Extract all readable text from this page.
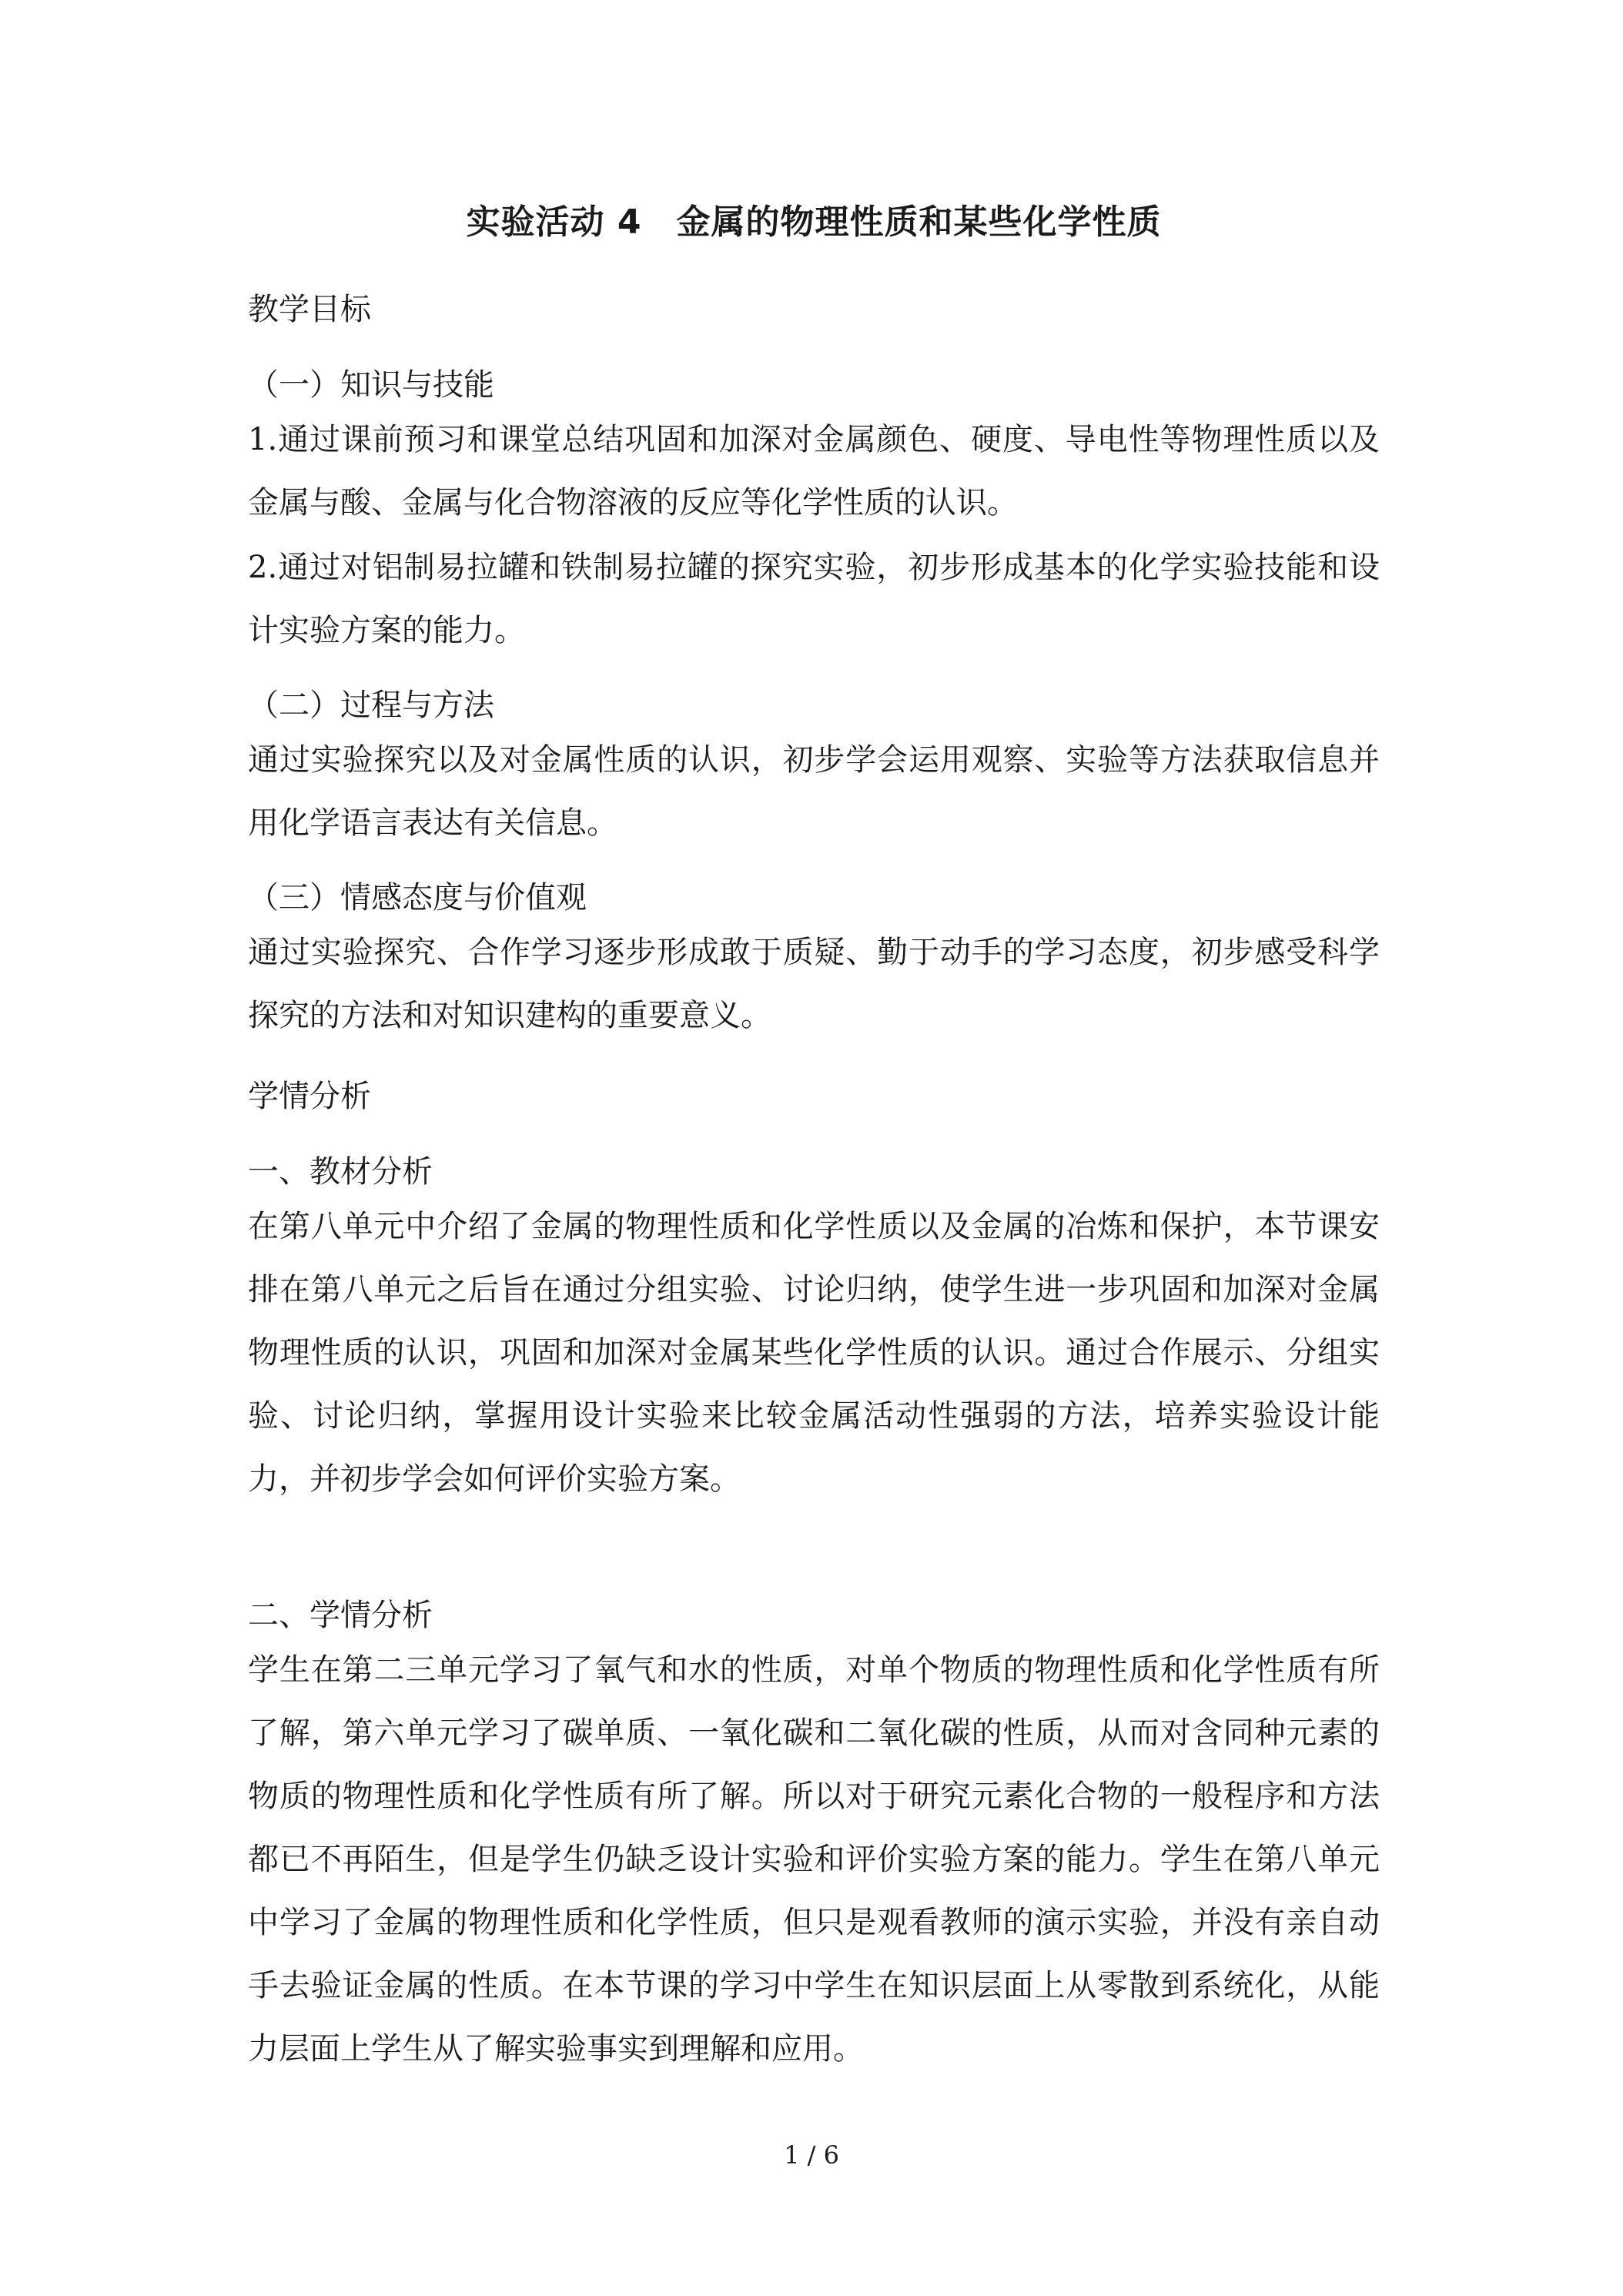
实验活动 4　金属的物理性质和某些化学性质
教学目标

（一）知识与技能

1.通过课前预习和课堂总结巩固和加深对金属颜色、硬度、导电性等物理性质以及金属与酸、金属与化合物溶液的反应等化学性质的认识。

2.通过对铝制易拉罐和铁制易拉罐的探究实验，初步形成基本的化学实验技能和设计实验方案的能力。

（二）过程与方法

通过实验探究以及对金属性质的认识，初步学会运用观察、实验等方法获取信息并用化学语言表达有关信息。

（三）情感态度与价值观

通过实验探究、合作学习逐步形成敢于质疑、勤于动手的学习态度，初步感受科学探究的方法和对知识建构的重要意义。

学情分析

一、教材分析

在第八单元中介绍了金属的物理性质和化学性质以及金属的冶炼和保护，本节课安排在第八单元之后旨在通过分组实验、讨论归纳，使学生进一步巩固和加深对金属物理性质的认识，巩固和加深对金属某些化学性质的认识。通过合作展示、分组实验、讨论归纳，掌握用设计实验来比较金属活动性强弱的方法，培养实验设计能力，并初步学会如何评价实验方案。

二、学情分析

学生在第二三单元学习了氧气和水的性质，对单个物质的物理性质和化学性质有所了解，第六单元学习了碳单质、一氧化碳和二氧化碳的性质，从而对含同种元素的物质的物理性质和化学性质有所了解。所以对于研究元素化合物的一般程序和方法都已不再陌生，但是学生仍缺乏设计实验和评价实验方案的能力。学生在第八单元中学习了金属的物理性质和化学性质，但只是观看教师的演示实验，并没有亲自动手去验证金属的性质。在本节课的学习中学生在知识层面上从零散到系统化，从能力层面上学生从了解实验事实到理解和应用。

1 / 6
